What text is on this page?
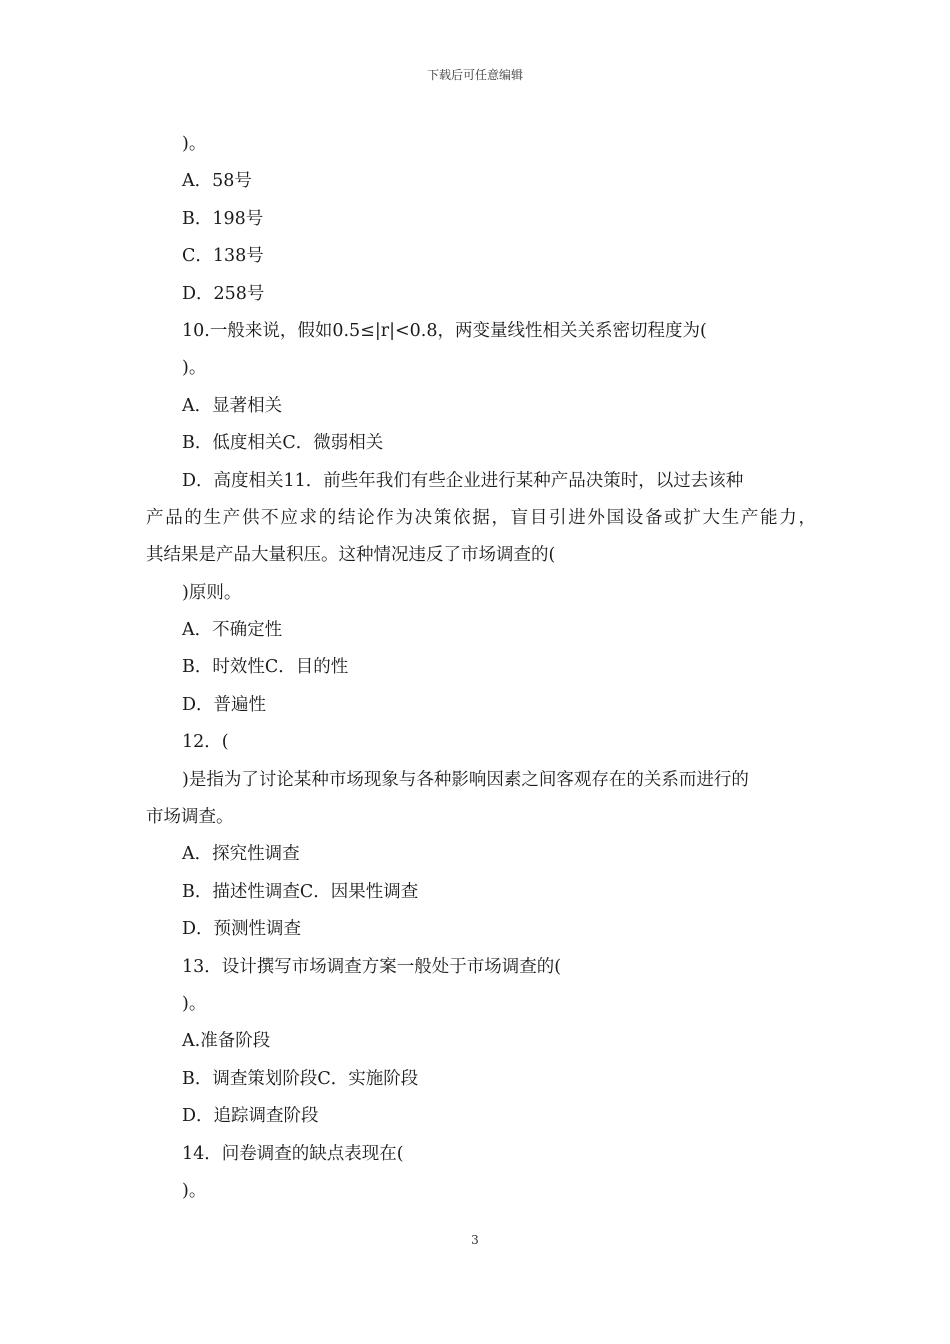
下载后可任意编辑
)。
A．58号
B．198号
C．138号
D．258号
10.一般来说，假如0.5≤|r|<0.8，两变量线性相关关系密切程度为(
)。
A．显著相关
B．低度相关C．微弱相关
D．高度相关11．前些年我们有些企业进行某种产品决策时，以过去该种
产品的生产供不应求的结论作为决策依据，盲目引进外国设备或扩大生产能力，
其结果是产品大量积压。这种情况违反了市场调查的(
)原则。
A．不确定性
B．时效性C．目的性
D．普遍性
12．(
)是指为了讨论某种市场现象与各种影响因素之间客观存在的关系而进行的
市场调查。
A．探究性调查
B．描述性调查C．因果性调查
D．预测性调查
13．设计撰写市场调查方案一般处于市场调查的(
)。
A.准备阶段
B．调查策划阶段C．实施阶段
D．追踪调查阶段
14．问卷调查的缺点表现在(
)。
3
